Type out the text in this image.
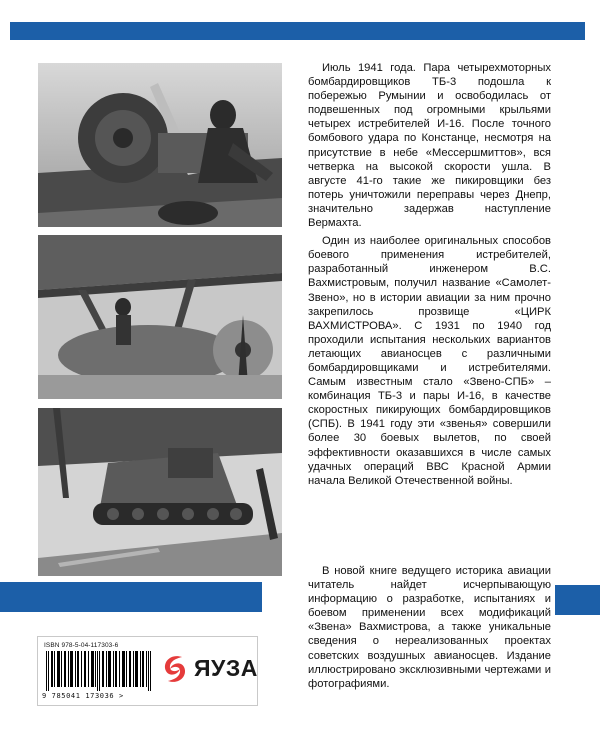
Июль 1941 года. Пара четырехмоторных бомбардировщиков ТБ-3 подошла к побережью Румынии и освободилась от подвешенных под огромными крыльями четырех истребителей И-16. После точного бомбового удара по Констанце, несмотря на присутствие в небе «Мессершмиттов», вся четверка на высокой скорости ушла. В августе 41-го такие же пикировщики без потерь уничтожили переправы через Днепр, значительно задержав наступление Вермахта.

Один из наиболее оригинальных способов боевого применения истребителей, разработанный инженером В.С. Вахмистровым, получил название «Самолет-Звено», но в истории авиации за ним прочно закрепилось прозвище «ЦИРК ВАХМИСТРОВА». С 1931 по 1940 год проходили испытания нескольких вариантов летающих авианосцев с различными бомбардировщиками и истребителями. Самым известным стало «Звено-СПБ» – комбинация ТБ-3 и пары И-16, в качестве скоростных пикирующих бомбардировщиков (СПБ). В 1941 году эти «звенья» совершили более 30 боевых вылетов, по своей эффективности оказавшихся в числе самых удачных операций ВВС Красной Армии начала Великой Отечественной войны.

В новой книге ведущего историка авиации читатель найдет исчерпывающую информацию о разработке, испытаниях и боевом применении всех модификаций «Звена» Вахмистрова, а также уникальные сведения о нереализованных проектах советских воздушных авианосцев. Издание иллюстрировано эксклюзивными чертежами и фотографиями.

ISBN 978-5-04-117303-6
9 785041 173036 >
ЯУЗА
